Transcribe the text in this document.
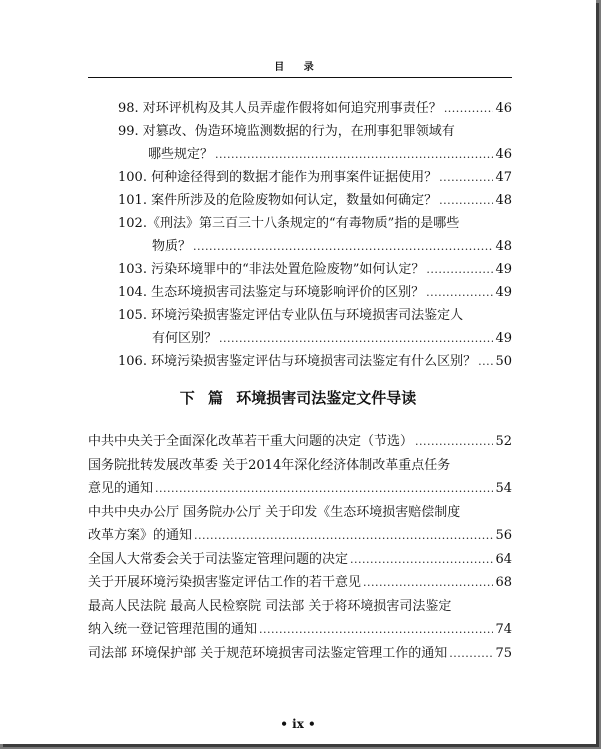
目 录
98. 对环评机构及其人员弄虚作假将如何追究刑事责任？ .....	46
99. 对篡改、伪造环境监测数据的行为，在刑事犯罪领域有
哪些规定？ .....	46
100. 何种途径得到的数据才能作为刑事案件证据使用？ .....	47
101. 案件所涉及的危险废物如何认定，数量如何确定？ .....	48
102.《刑法》第三百三十八条规定的“有毒物质”指的是哪些
物质？ .....	48
103. 污染环境罪中的“非法处置危险废物”如何认定？ .....	49
104. 生态环境损害司法鉴定与环境影响评价的区别？ .....	49
105. 环境污染损害鉴定评估专业队伍与环境损害司法鉴定人
有何区别？ .....	49
106. 环境污染损害鉴定评估与环境损害司法鉴定有什么区别？ ..... 50
下 篇 环境损害司法鉴定文件导读
中共中央关于全面深化改革若干重大问题的决定（节选） .....	52
国务院批转发展改革委 关于2014年深化经济体制改革重点任务
意见的通知 .....	54
中共中央办公厅 国务院办公厅 关于印发《生态环境损害赔偿制度
改革方案》的通知 .....	56
全国人大常委会关于司法鉴定管理问题的决定 .....	64
关于开展环境污染损害鉴定评估工作的若干意见 .....	68
最高人民法院 最高人民检察院 司法部 关于将环境损害司法鉴定
纳入统一登记管理范围的通知 .....	74
司法部 环境保护部 关于规范环境损害司法鉴定管理工作的通知 .....	75
• ix •
